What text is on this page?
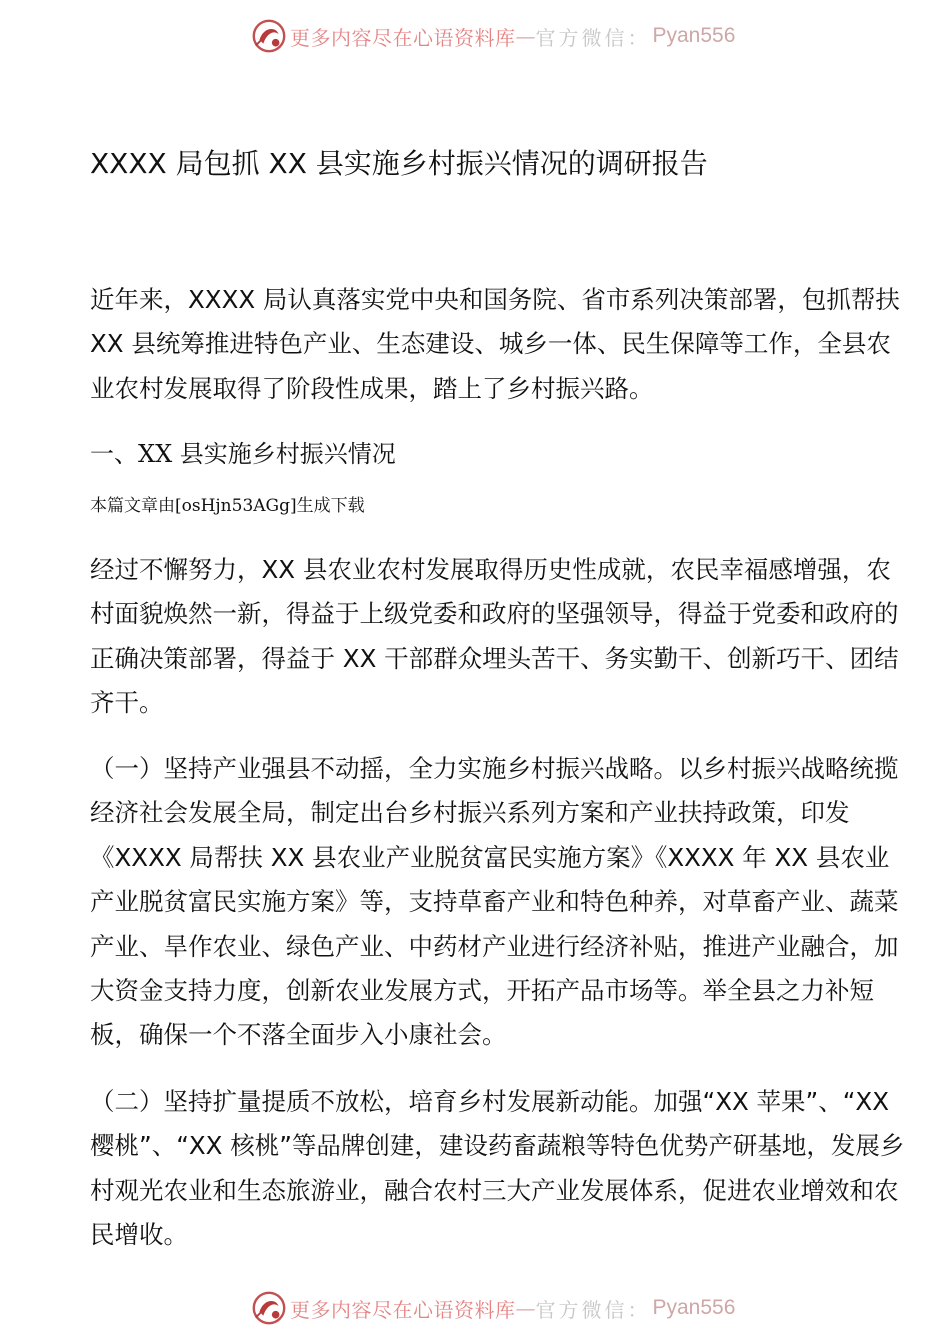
更多内容尽在心语资料库 — 官方微信： Pyan556
XXXX 局包抓 XX 县实施乡村振兴情况的调研报告

近年来，XXXX 局认真落实党中央和国务院、省市系列决策部署，包抓帮扶 XX 县统筹推进特色产业、生态建设、城乡一体、民生保障等工作，全县农业农村发展取得了阶段性成果，踏上了乡村振兴路。

一、XX 县实施乡村振兴情况

本篇文章由[osHjn53AGg]生成下载

经过不懈努力，XX 县农业农村发展取得历史性成就，农民幸福感增强，农村面貌焕然一新，得益于上级党委和政府的坚强领导，得益于党委和政府的正确决策部署，得益于 XX 干部群众埋头苦干、务实勤干、创新巧干、团结齐干。

（一）坚持产业强县不动摇，全力实施乡村振兴战略。以乡村振兴战略统揽经济社会发展全局，制定出台乡村振兴系列方案和产业扶持政策，印发《XXXX 局帮扶 XX 县农业产业脱贫富民实施方案》《XXXX 年 XX 县农业产业脱贫富民实施方案》等，支持草畜产业和特色种养，对草畜产业、蔬菜产业、旱作农业、绿色产业、中药材产业进行经济补贴，推进产业融合，加大资金支持力度，创新农业发展方式，开拓产品市场等。举全县之力补短板，确保一个不落全面步入小康社会。

（二）坚持扩量提质不放松，培育乡村发展新动能。加强“XX 苹果”、“XX 樱桃”、“XX 核桃”等品牌创建，建设药畜蔬粮等特色优势产研基地，发展乡村观光农业和生态旅游业，融合农村三大产业发展体系，促进农业增效和农民增收。

更多内容尽在心语资料库 — 官方微信： Pyan556
